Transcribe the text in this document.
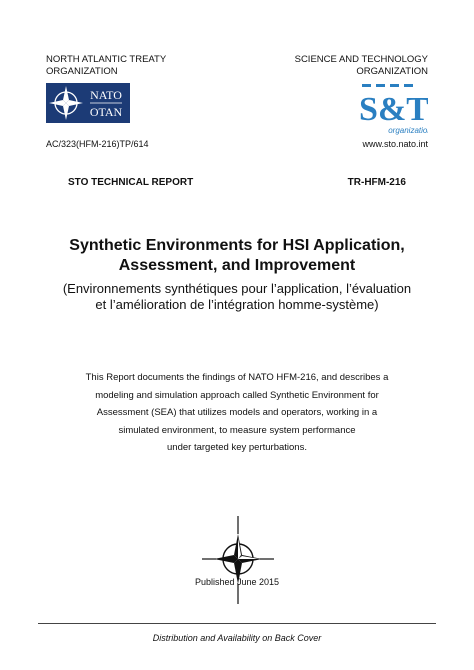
NORTH ATLANTIC TREATY
ORGANIZATION
SCIENCE AND TECHNOLOGY
ORGANIZATION
NATO
OTAN	S&T
organization
AC/323(HFM-216)TP/614	www.sto.nato.int
STO TECHNICAL REPORT	TR-HFM-216
Synthetic Environments for HSI Application,
Assessment, and Improvement
(Environnements synthétiques pour l’application, l’évaluation
et l’amélioration de l’intégration homme-système)
This Report documents the findings of NATO HFM-216, and describes a
modeling and simulation approach called Synthetic Environment for
Assessment (SEA) that utilizes models and operators, working in a
simulated environment, to measure system performance
under targeted key perturbations.
Published June 2015
Distribution and Availability on Back Cover
